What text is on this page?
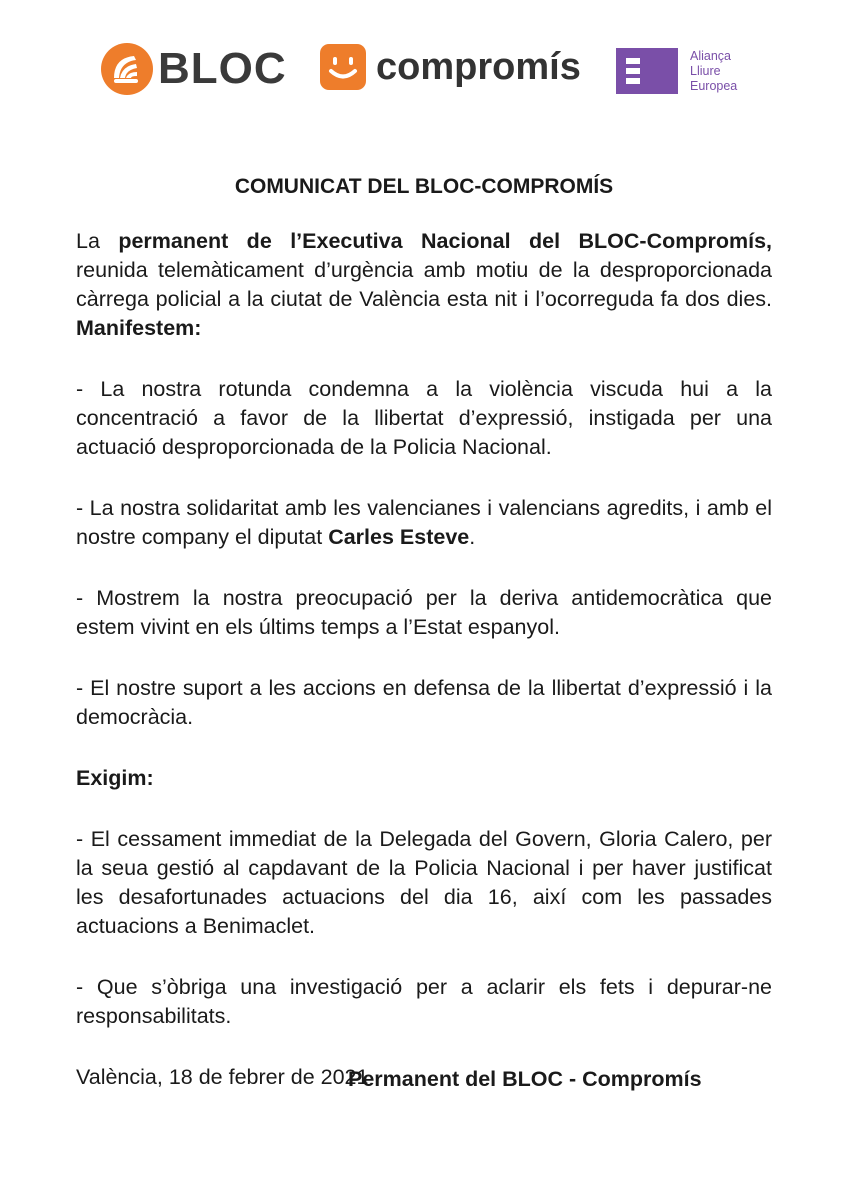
BLOC compromís	Aliança
Lliure
Europea

COMUNICAT DEL BLOC-COMPROMÍS

La permanent de l’Executiva Nacional del BLOC-Compromís, reunida telemàticament d’urgència amb motiu de la desproporcionada càrrega policial a la ciutat de València esta nit i l’ocorreguda fa dos dies. Manifestem:

- La nostra rotunda condemna a la violència viscuda hui a la concentració a favor de la llibertat d’expressió, instigada per una actuació desproporcionada de la Policia Nacional.

- La nostra solidaritat amb les valencianes i valencians agredits, i amb el nostre company el diputat Carles Esteve.

- Mostrem la nostra preocupació per la deriva antidemocràtica que estem vivint en els últims temps a l’Estat espanyol.

- El nostre suport a les accions en defensa de la llibertat d’expressió i la democràcia.

Exigim:

- El cessament immediat de la Delegada del Govern, Gloria Calero, per la seua gestió al capdavant de la Policia Nacional i per haver justificat les desafortunades actuacions del dia 16, així com les passades actuacions a Benimaclet.

- Que s’òbriga una investigació per a aclarir els fets i depurar-ne responsabilitats.

València, 18 de febrer de 2021

Permanent del BLOC - Compromís
